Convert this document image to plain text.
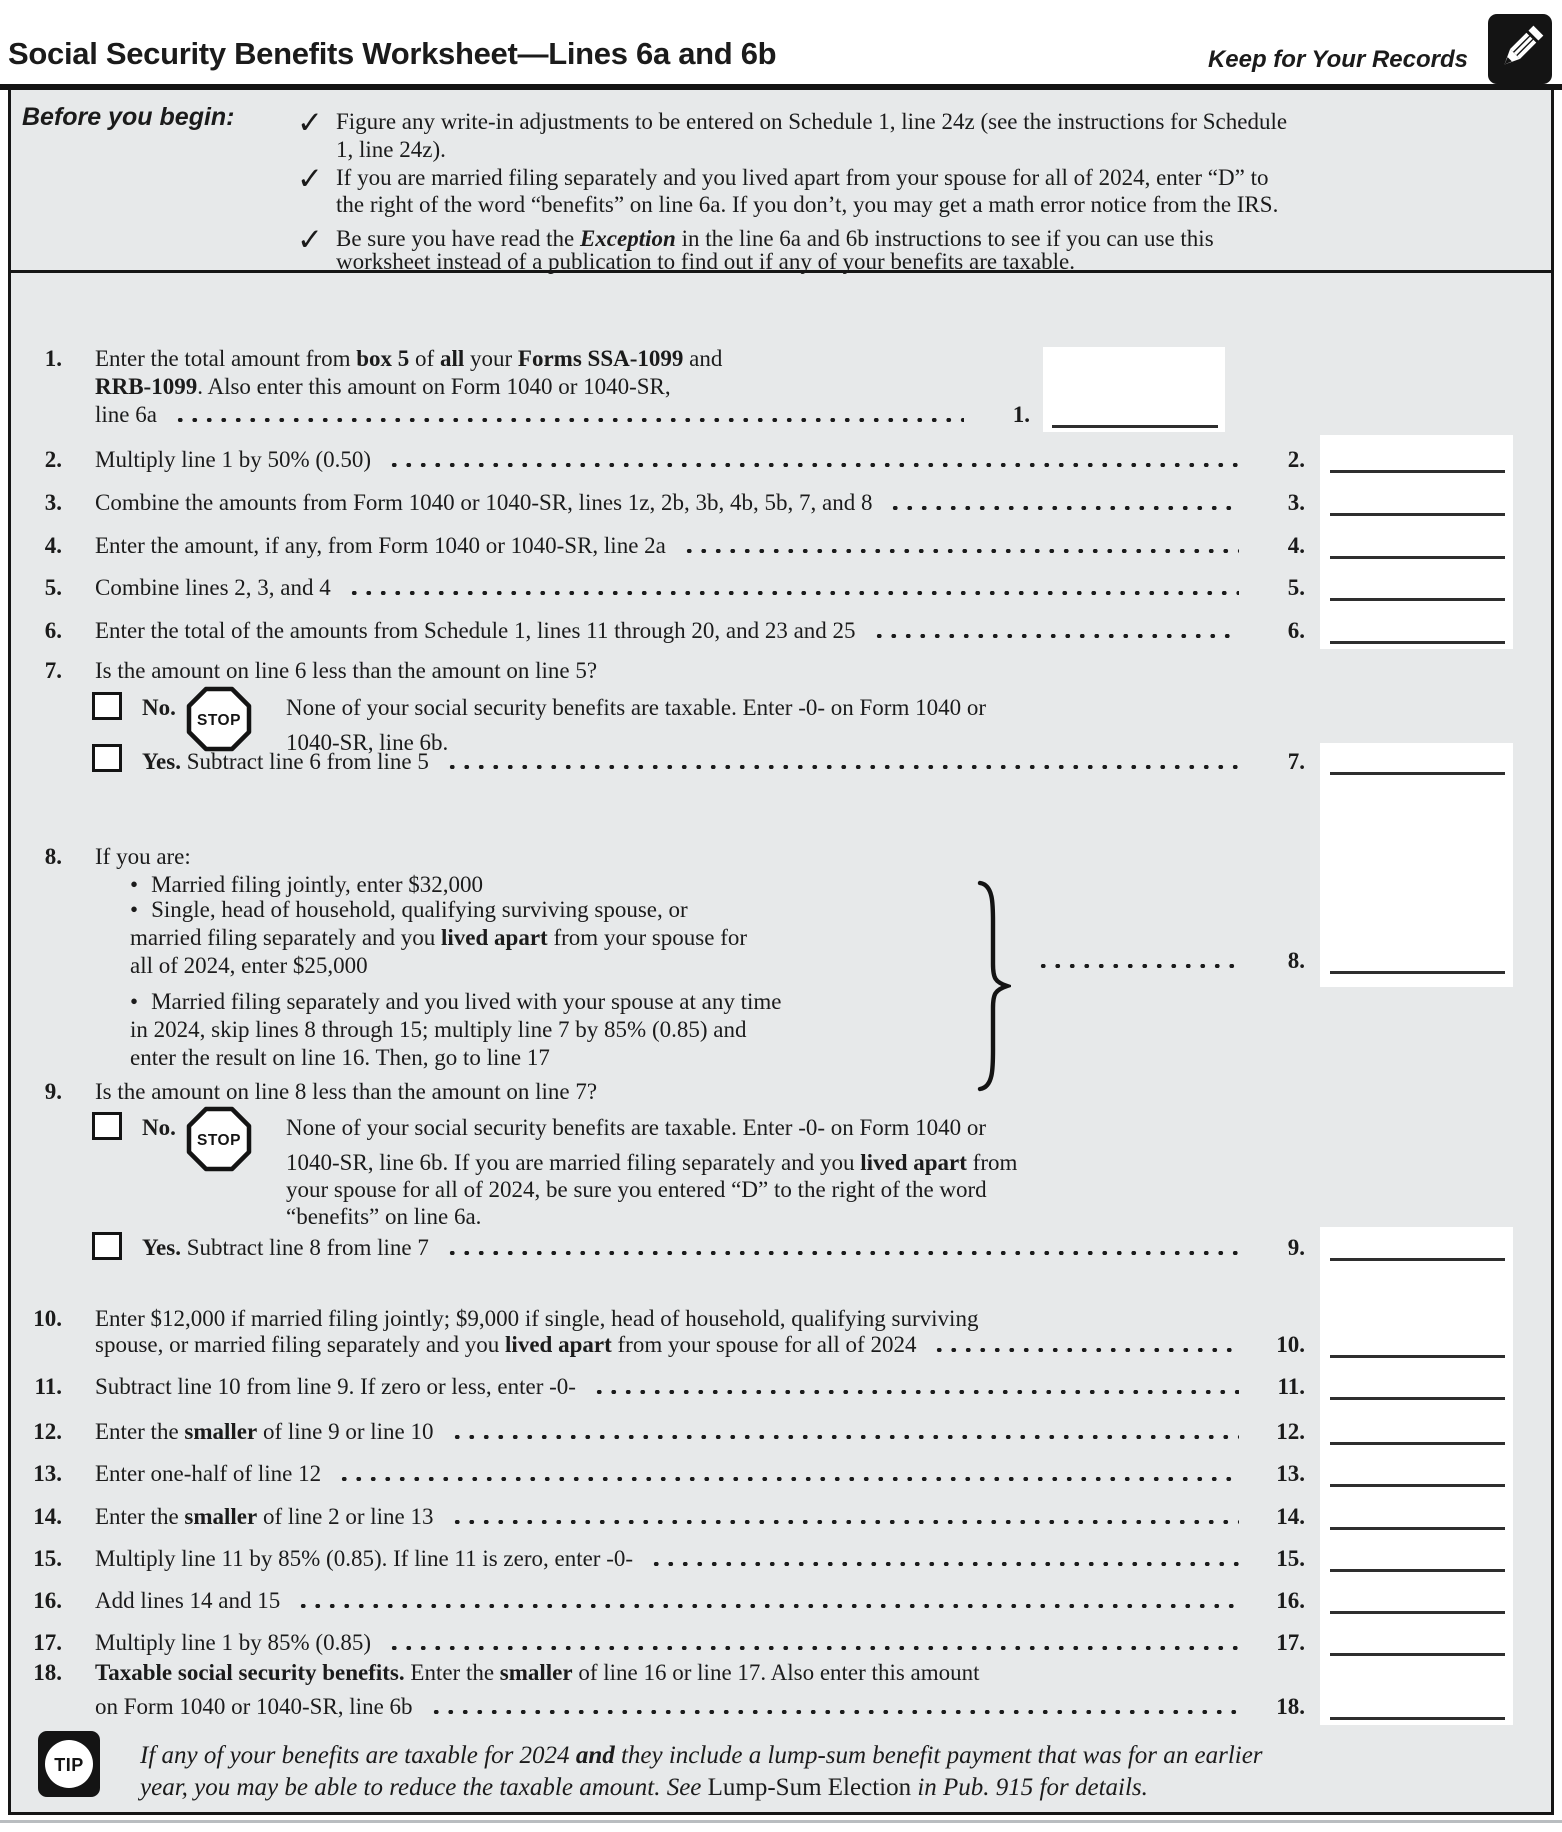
Social Security Benefits Worksheet—Lines 6a and 6b	Keep for Your Records
Before you begin: ✓
✓
✓
Figure any write-in adjustments to be entered on Schedule 1, line 24z (see the instructions for Schedule
1, line 24z).
If you are married filing separately and you lived apart from your spouse for all of 2024, enter “D” to
the right of the word “benefits” on line 6a. If you don’t, you may get a math error notice from the IRS.
Be sure you have read the Exception in the line 6a and 6b instructions to see if you can use this
worksheet instead of a publication to find out if any of your benefits are taxable.
1. Enter the total amount from box 5 of all your Forms SSA-1099 and
RRB-1099. Also enter this amount on Form 1040 or 1040-SR,
line 6a	1.
2. Multiply line 1 by 50% (0.50)	2.
3. Combine the amounts from Form 1040 or 1040-SR, lines 1z, 2b, 3b, 4b, 5b, 7, and 8	3.
4. Enter the amount, if any, from Form 1040 or 1040-SR, line 2a	4.
5. Combine lines 2, 3, and 4	5.
6. Enter the total of the amounts from Schedule 1, lines 11 through 20, and 23 and 25	6.
7. Is the amount on line 6 less than the amount on line 5?
No.
STOP
None of your social security benefits are taxable. Enter -0- on Form 1040 or
1040-SR, line 6b.
Yes. Subtract line 6 from line 5	7.
8. If you are:
• Married filing jointly, enter $32,000
• Single, head of household, qualifying surviving spouse, or
married filing separately and you lived apart from your spouse for
all of 2024, enter $25,000
• Married filing separately and you lived with your spouse at any time
in 2024, skip lines 8 through 15; multiply line 7 by 85% (0.85) and
enter the result on line 16. Then, go to line 17
8.
9. Is the amount on line 8 less than the amount on line 7?
No.
STOP
None of your social security benefits are taxable. Enter -0- on Form 1040 or
1040-SR, line 6b. If you are married filing separately and you lived apart from
your spouse for all of 2024, be sure you entered “D” to the right of the word
“benefits” on line 6a.
Yes. Subtract line 8 from line 7	9.
10. Enter $12,000 if married filing jointly; $9,000 if single, head of household, qualifying surviving
spouse, or married filing separately and you lived apart from your spouse for all of 2024	10.
11. Subtract line 10 from line 9. If zero or less, enter -0-	11.
12. Enter the smaller of line 9 or line 10	12.
13. Enter one-half of line 12	13.
14. Enter the smaller of line 2 or line 13	14.
15. Multiply line 11 by 85% (0.85). If line 11 is zero, enter -0-	15.
16. Add lines 14 and 15	16.
17. Multiply line 1 by 85% (0.85)	17.
18. Taxable social security benefits. Enter the smaller of line 16 or line 17. Also enter this amount
on Form 1040 or 1040-SR, line 6b	18.
TIP If any of your benefits are taxable for 2024 and they include a lump-sum benefit payment that was for an earlier
year, you may be able to reduce the taxable amount. See Lump-Sum Election in Pub. 915 for details.
